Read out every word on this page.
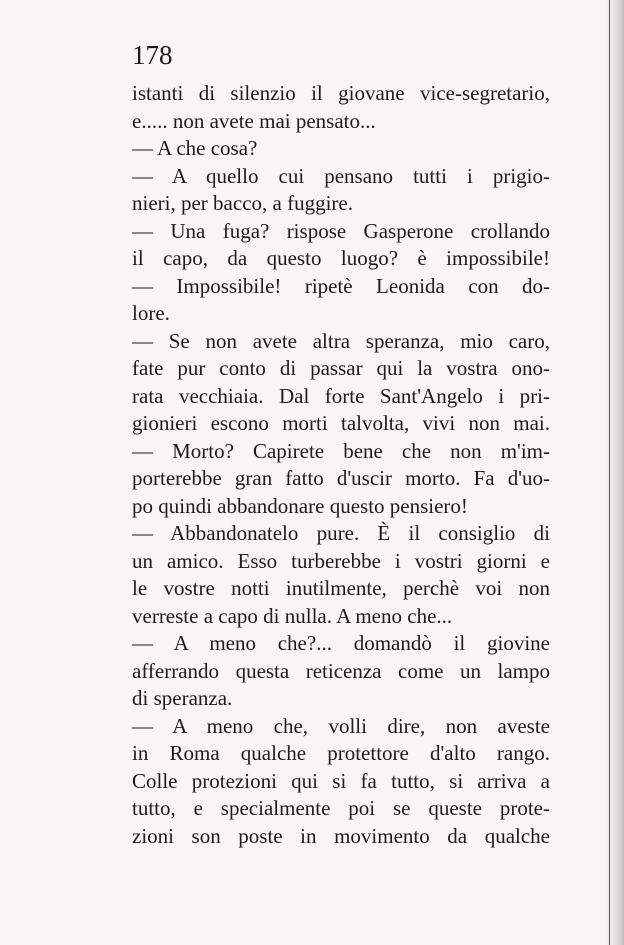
178
istanti di silenzio il giovane vice-segretario,
e..... non avete mai pensato...
— A che cosa?
— A quello cui pensano tutti i prigio-
nieri, per bacco, a fuggire.
— Una fuga? rispose Gasperone crollando
il capo, da questo luogo? è impossibile!
— Impossibile! ripetè Leonida con do-
lore.
— Se non avete altra speranza, mio caro,
fate pur conto di passar qui la vostra ono-
rata vecchiaia. Dal forte Sant'Angelo i pri-
gionieri escono morti talvolta, vivi non mai.
— Morto? Capirete bene che non m'im-
porterebbe gran fatto d'uscir morto. Fa d'uo-
po quindi abbandonare questo pensiero!
— Abbandonatelo pure. È il consiglio di
un amico. Esso turberebbe i vostri giorni e
le vostre notti inutilmente, perchè voi non
verreste a capo di nulla. A meno che...
— A meno che?... domandò il giovine
afferrando questa reticenza come un lampo
di speranza.
— A meno che, volli dire, non aveste
in Roma qualche protettore d'alto rango.
Colle protezioni qui si fa tutto, si arriva a
tutto, e specialmente poi se queste prote-
zioni son poste in movimento da qualche
